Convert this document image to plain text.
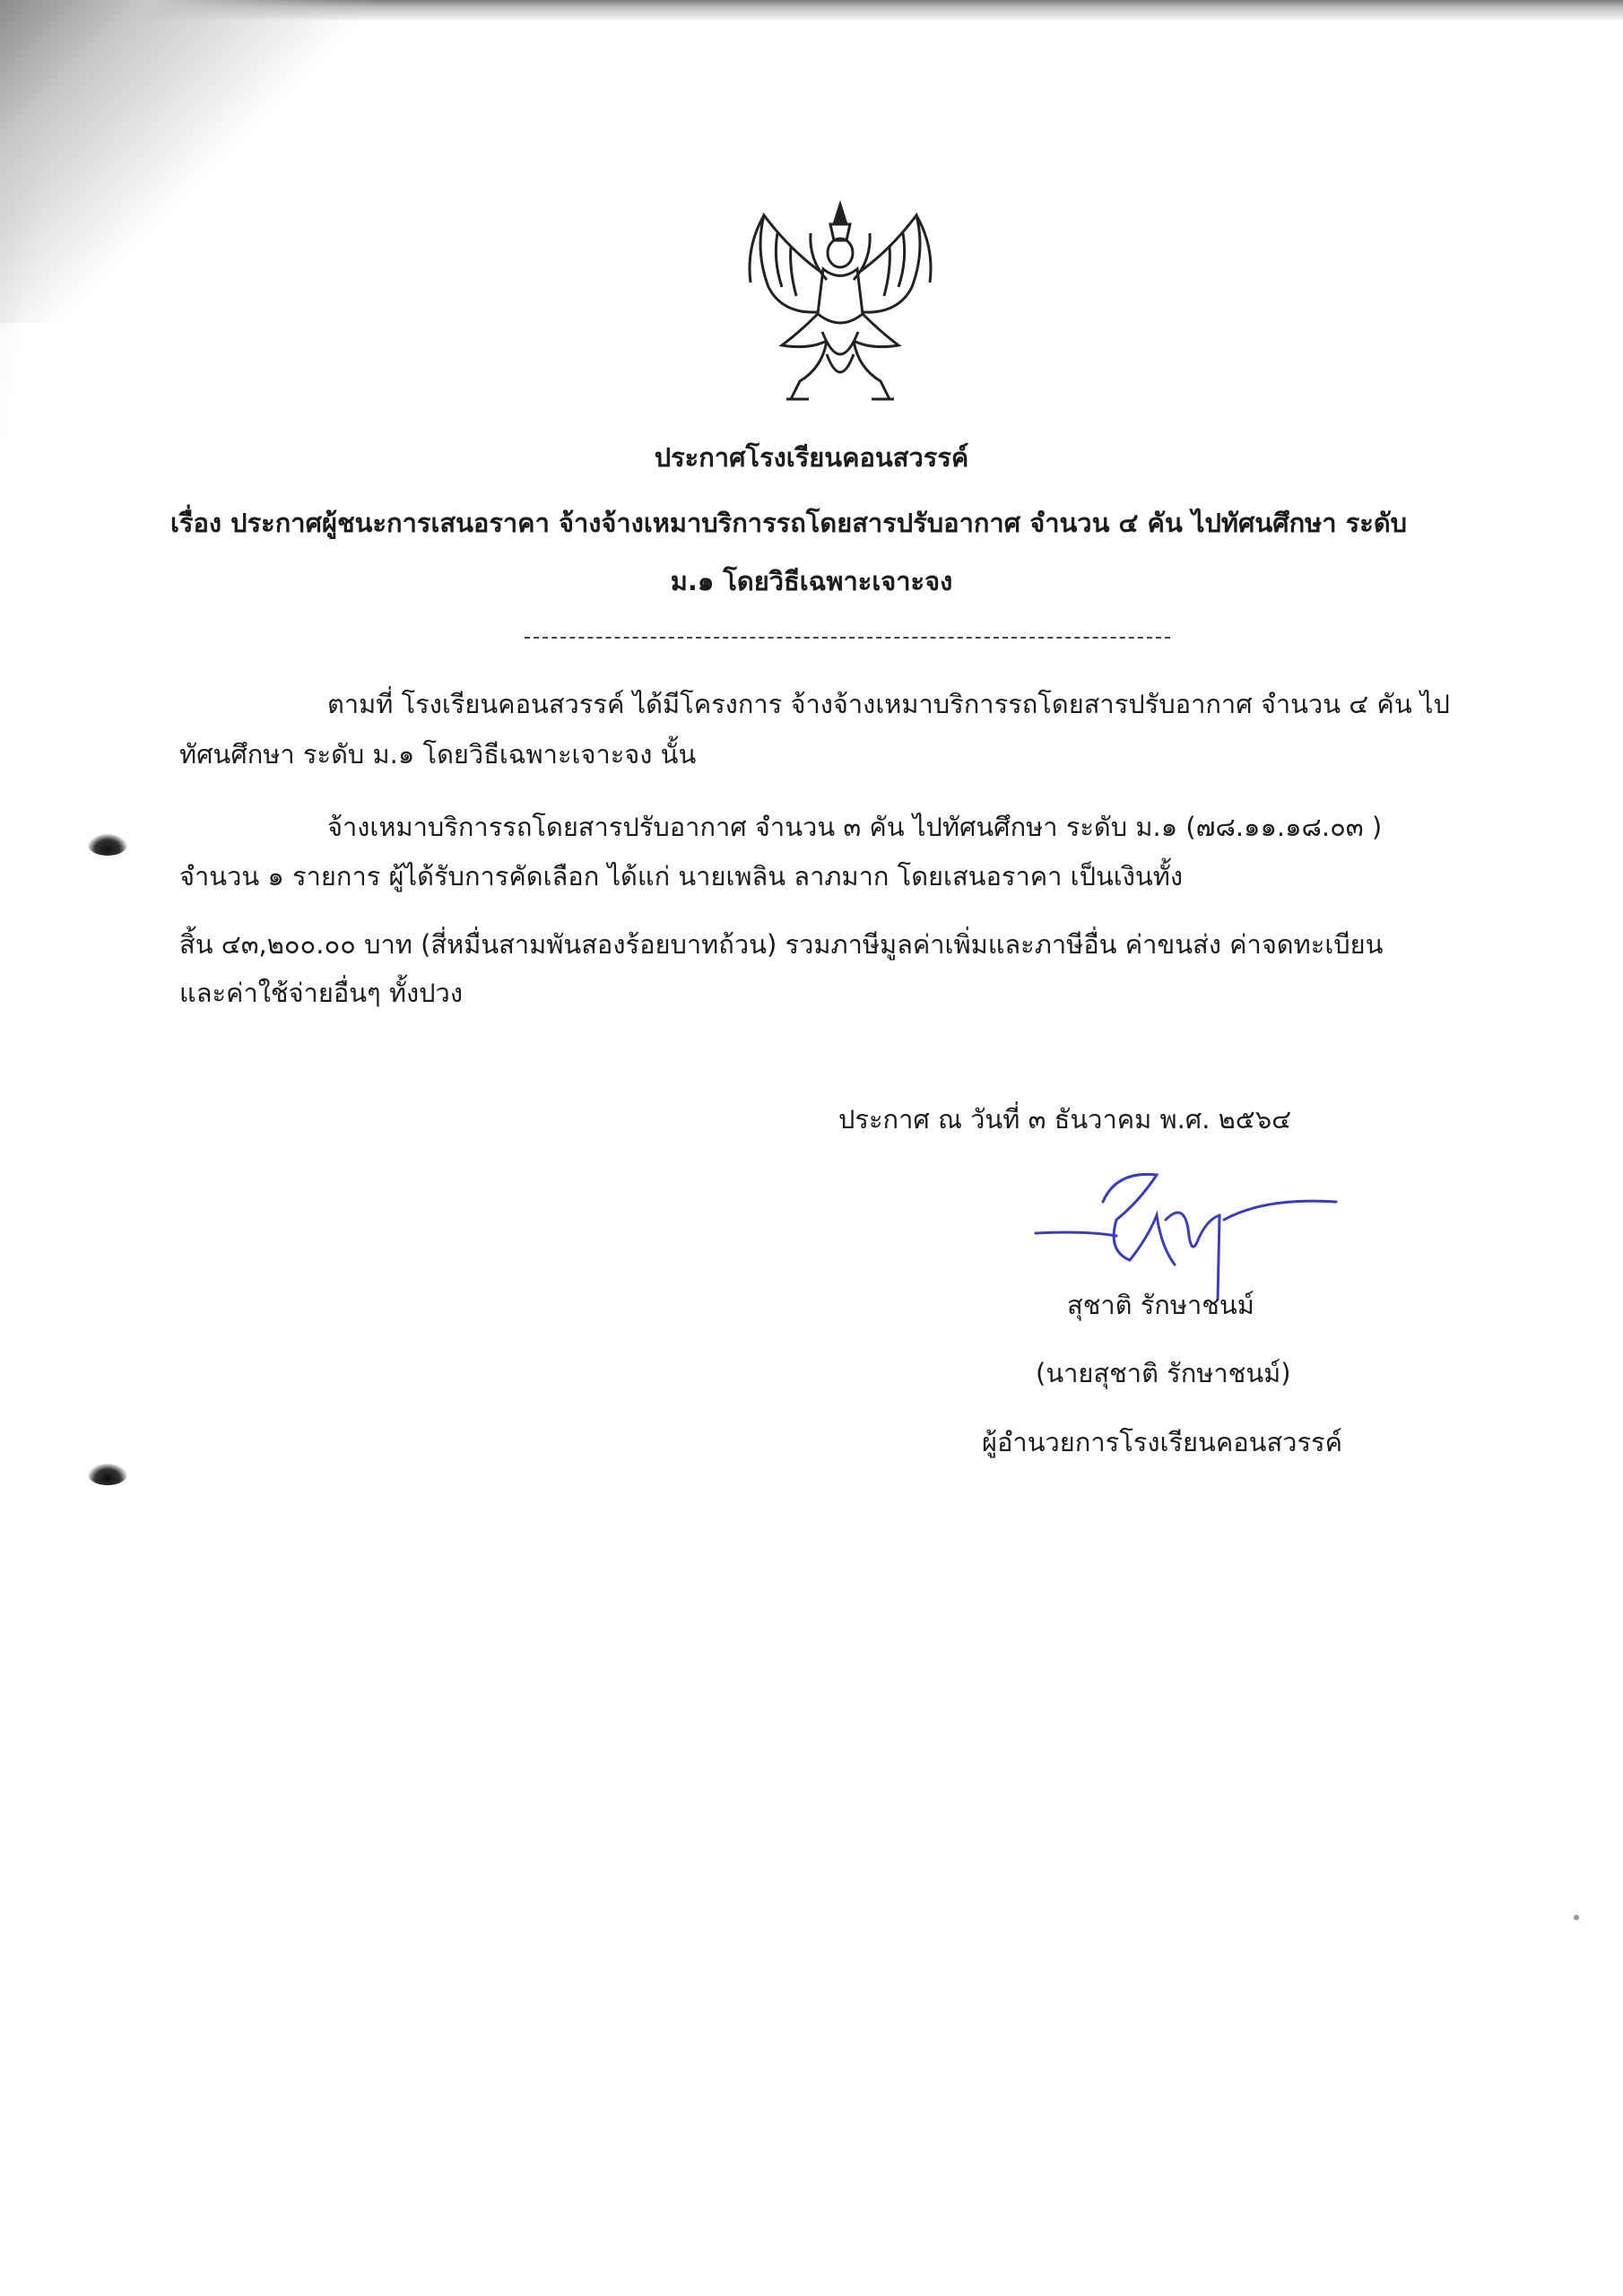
ประกาศโรงเรียนคอนสวรรค์
เรื่อง ประกาศผู้ชนะการเสนอราคา จ้างจ้างเหมาบริการรถโดยสารปรับอากาศ จำนวน ๔ คัน ไปทัศนศึกษา ระดับ
ม.๑ โดยวิธีเฉพาะเจาะจง
ตามที่ โรงเรียนคอนสวรรค์ ได้มีโครงการ จ้างจ้างเหมาบริการรถโดยสารปรับอากาศ จำนวน ๔ คัน ไป
ทัศนศึกษา ระดับ ม.๑ โดยวิธีเฉพาะเจาะจง นั้น
จ้างเหมาบริการรถโดยสารปรับอากาศ จำนวน ๓ คัน ไปทัศนศึกษา ระดับ ม.๑ (๗๘.๑๑.๑๘.๐๓ )
จำนวน ๑ รายการ ผู้ได้รับการคัดเลือก ได้แก่ นายเพลิน ลาภมาก โดยเสนอราคา เป็นเงินทั้ง
สิ้น ๔๓,๒๐๐.๐๐ บาท (สี่หมื่นสามพันสองร้อยบาทถ้วน) รวมภาษีมูลค่าเพิ่มและภาษีอื่น ค่าขนส่ง ค่าจดทะเบียน
และค่าใช้จ่ายอื่นๆ ทั้งปวง
ประกาศ ณ วันที่ ๓ ธันวาคม พ.ศ. ๒๕๖๔
สุชาติ รักษาชนม์
(นายสุชาติ รักษาชนม์)
ผู้อำนวยการโรงเรียนคอนสวรรค์
